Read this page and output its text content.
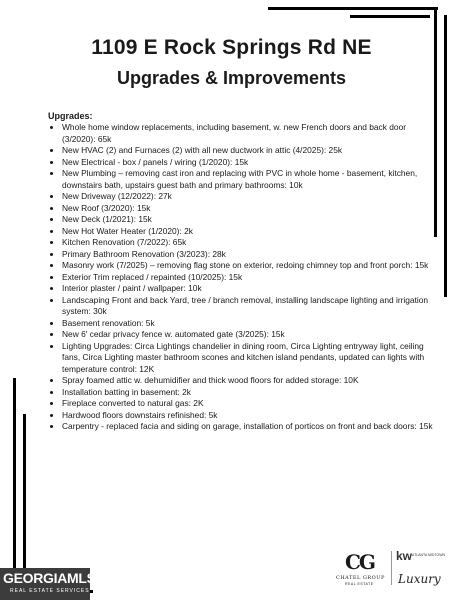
1109 E Rock Springs Rd NE
Upgrades & Improvements
Upgrades:
• Whole home window replacements, including basement, w. new French doors and back door (3/2020): 65k
• New HVAC (2) and Furnaces (2) with all new ductwork in attic (4/2025): 25k
• New Electrical - box / panels / wiring (1/2020): 15k
• New Plumbing – removing cast iron and replacing with PVC in whole home - basement, kitchen, downstairs bath, upstairs guest bath and primary bathrooms: 10k
• New Driveway (12/2022): 27k
• New Roof (3/2020): 15k
• New Deck (1/2021): 15k
• New Hot Water Heater (1/2020): 2k
• Kitchen Renovation (7/2022): 65k
• Primary Bathroom Renovation (3/2023): 28k
• Masonry work (7/2025) – removing flag stone on exterior, redoing chimney top and front porch: 15k
• Exterior Trim replaced / repainted (10/2025): 15k
• Interior plaster / paint / wallpaper: 10k
• Landscaping Front and back Yard, tree / branch removal, installing landscape lighting and irrigation system: 30k
• Basement renovation: 5k
• New 6' cedar privacy fence w. automated gate (3/2025): 15k
• Lighting Upgrades: Circa Lightings chandelier in dining room, Circa Lighting entryway light, ceiling fans, Circa Lighting master bathroom scones and kitchen island pendants, updated can lights with temperature control: 12K
• Spray foamed attic w. dehumidifier and thick wood floors for added storage: 10K
• Installation batting in basement: 2k
• Fireplace converted to natural gas: 2K
• Hardwood floors downstairs refinished: 5k
• Carpentry - replaced facia and siding on garage, installation of porticos on front and back doors: 15k
GEORGIAMLS
REAL ESTATE SERVICES
CG
CHATEL GROUP
REAL ESTATE
kw ATLANTA MIDTOWN
Luxury
